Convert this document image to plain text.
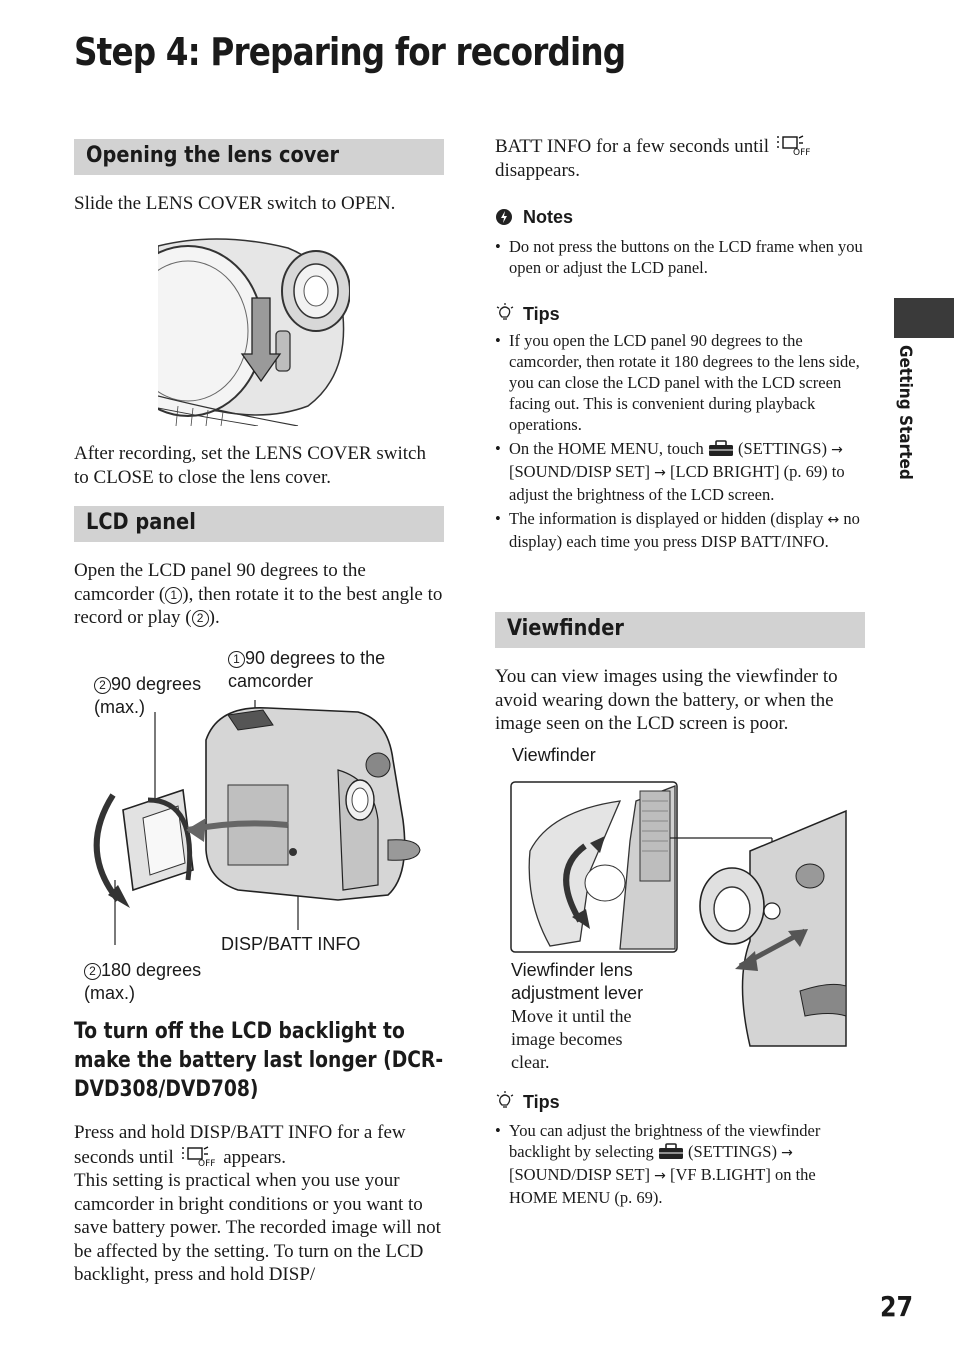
Step 4: Preparing for recording
Getting Started
Opening the lens cover
Slide the LENS COVER switch to OPEN.
After recording, set the LENS COVER switch to CLOSE to close the lens cover.
LCD panel
Open the LCD panel 90 degrees to the camcorder ( 1 ), then rotate it to the best angle to record or play ( 2 ).
1 90 degrees to the
camcorder
2 90 degrees
(max.)
DISP/BATT INFO
2 180 degrees
(max.)
To turn off the LCD backlight to make the battery last longer (DCR-DVD308/DVD708)
Press and hold DISP/BATT INFO for a few seconds until OFF appears.
This setting is practical when you use your camcorder in bright conditions or you want to save battery power. The recorded image will not be affected by the setting. To turn on the LCD backlight, press and hold DISP/
BATT INFO for a few seconds until OFF

disappears.
Notes
• Do not press the buttons on the LCD frame when you open or adjust the LCD panel.
Tips
• If you open the LCD panel 90 degrees to the camcorder, then rotate it 180 degrees to the lens side, you can close the LCD panel with the LCD screen facing out. This is convenient during playback operations.
• On the HOME MENU, touch  (SETTINGS) → [SOUND/DISP SET] → [LCD BRIGHT] (p. 69) to adjust the brightness of the LCD screen.
• The information is displayed or hidden (display ↔ no display) each time you press DISP BATT/INFO.
Viewfinder
You can view images using the viewfinder to avoid wearing down the battery, or when the image seen on the LCD screen is poor.
Viewfinder
Viewfinder lens
adjustment lever
Move it until the image becomes clear.
Tips
• You can adjust the brightness of the viewfinder backlight by selecting  (SETTINGS) → [SOUND/DISP SET] → [VF B.LIGHT] on the HOME MENU (p. 69).
27
